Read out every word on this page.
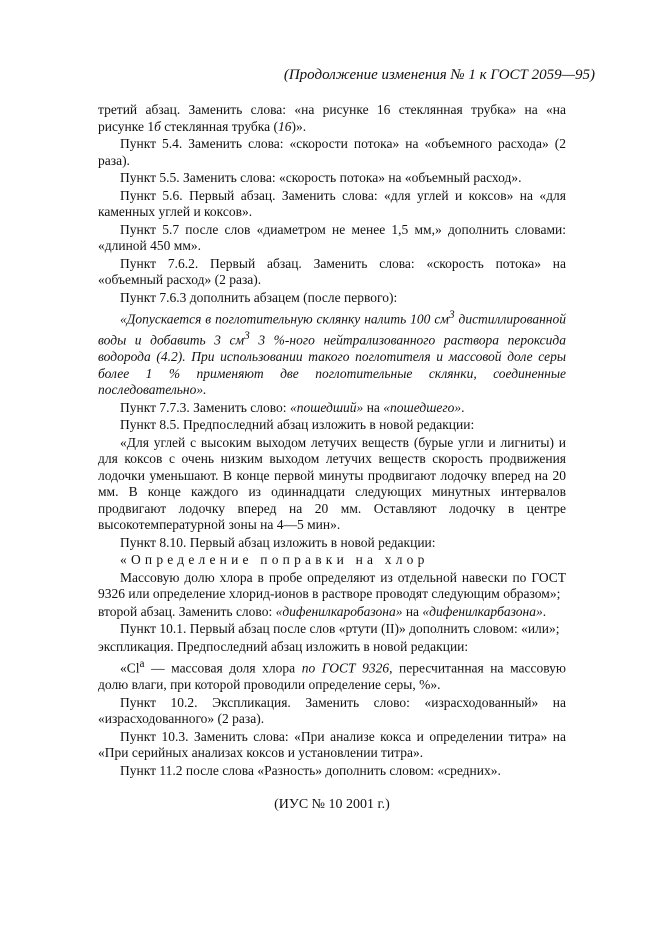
(Продолжение изменения № 1 к ГОСТ 2059—95)

третий абзац. Заменить слова: «на рисунке 16 стеклянная трубка» на «на рисунке 1б стеклянная трубка (16)».

Пункт 5.4. Заменить слова: «скорости потока» на «объемного расхода» (2 раза).

Пункт 5.5. Заменить слова: «скорость потока» на «объемный расход».

Пункт 5.6. Первый абзац. Заменить слова: «для углей и коксов» на «для каменных углей и коксов».

Пункт 5.7 после слов «диаметром не менее 1,5 мм,» дополнить словами: «длиной 450 мм».

Пункт 7.6.2. Первый абзац. Заменить слова: «скорость потока» на «объемный расход» (2 раза).

Пункт 7.6.3 дополнить абзацем (после первого):

«Допускается в поглотительную склянку налить 100 $см^3$ дистиллированной воды и добавить 3 $см^3$ 3 %-ного нейтрализованного раствора пероксида водорода (4.2). При использовании такого поглотителя и массовой доле серы более 1 % применяют две поглотительные склянки, соединенные последовательно».

Пункт 7.7.3. Заменить слово: «пошедший» на «пошедшего».

Пункт 8.5. Предпоследний абзац изложить в новой редакции:

«Для углей с высоким выходом летучих веществ (бурые угли и лигниты) и для коксов с очень низким выходом летучих веществ скорость продвижения лодочки уменьшают. В конце первой минуты продвигают лодочку вперед на 20 мм. В конце каждого из одиннадцати следующих минутных интервалов продвигают лодочку вперед на 20 мм. Оставляют лодочку в центре высокотемпературной зоны на 4—5 мин».

Пункт 8.10. Первый абзац изложить в новой редакции:

«Определение поправки на хлор

Массовую долю хлора в пробе определяют из отдельной навески по ГОСТ 9326 или определение хлорид-ионов в растворе проводят следующим образом»;

второй абзац. Заменить слово: «дифенилкаробазона» на «дифенилкарбазона».

Пункт 10.1. Первый абзац после слов «ртути (II)» дополнить словом: «или»;

экспликация. Предпоследний абзац изложить в новой редакции:

«Cl$^a$ — массовая доля хлора по ГОСТ 9326, пересчитанная на массовую долю влаги, при которой проводили определение серы, %».

Пункт 10.2. Экспликация. Заменить слово: «израсходованный» на «израсходованного» (2 раза).

Пункт 10.3. Заменить слова: «При анализе кокса и определении титра» на «При серийных анализах коксов и установлении титра».

Пункт 11.2 после слова «Разность» дополнить словом: «средних».

(ИУС № 10 2001 г.)
